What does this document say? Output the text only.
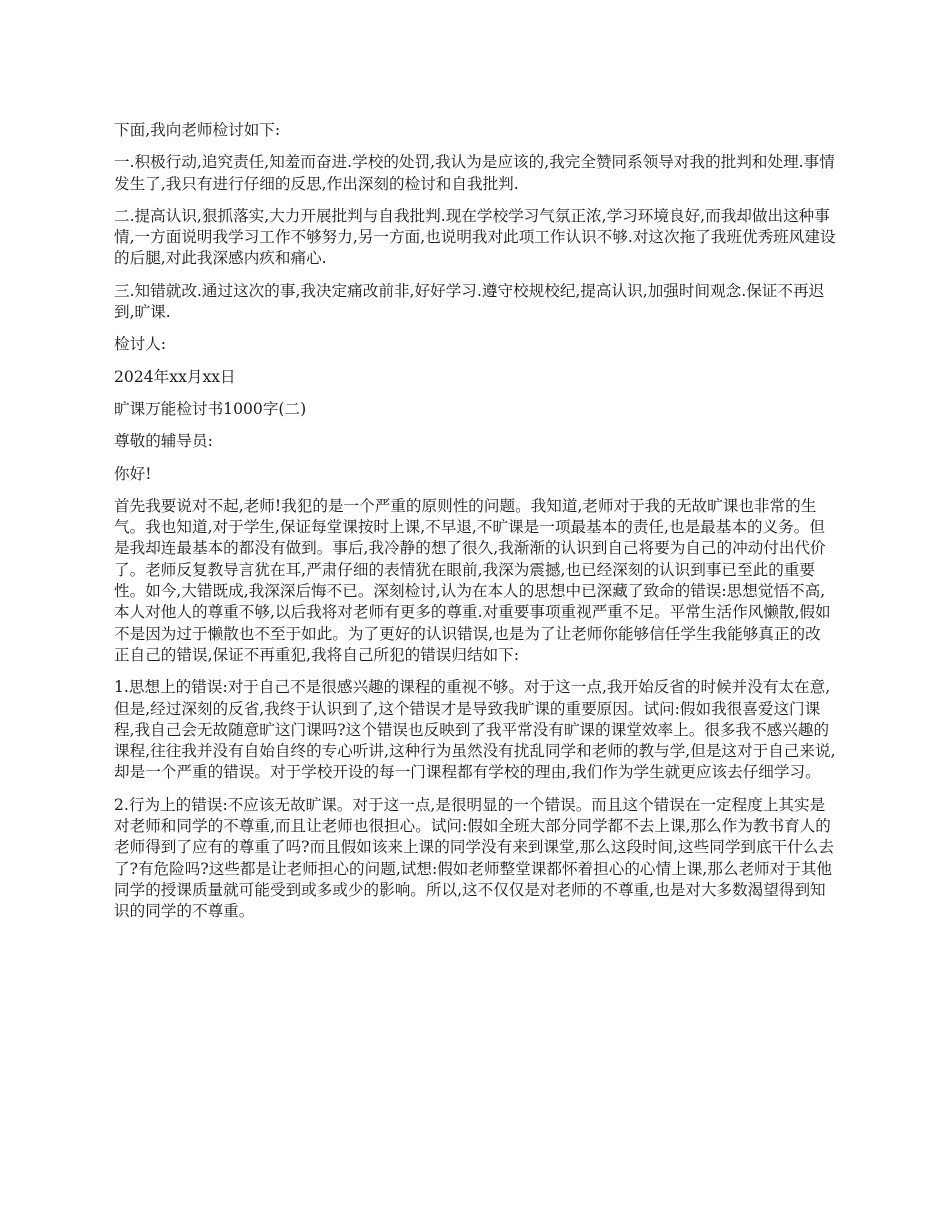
下面,我向老师检讨如下:

一.积极行动,追究责任,知羞而奋进.学校的处罚,我认为是应该的,我完全赞同系领导对我的批判和处理.事情发生了,我只有进行仔细的反思,作出深刻的检讨和自我批判.

二.提高认识,狠抓落实,大力开展批判与自我批判.现在学校学习气氛正浓,学习环境良好,而我却做出这种事情,一方面说明我学习工作不够努力,另一方面,也说明我对此项工作认识不够.对这次拖了我班优秀班风建设的后腿,对此我深感内疚和痛心.

三.知错就改.通过这次的事,我决定痛改前非,好好学习.遵守校规校纪,提高认识,加强时间观念.保证不再迟到,旷课.

检讨人:

2024年xx月xx日

旷课万能检讨书1000字(二)

尊敬的辅导员:

你好!

首先我要说对不起,老师!我犯的是一个严重的原则性的问题。我知道,老师对于我的无故旷课也非常的生气。我也知道,对于学生,保证每堂课按时上课,不早退,不旷课是一项最基本的责任,也是最基本的义务。但是我却连最基本的都没有做到。事后,我冷静的想了很久,我渐渐的认识到自己将要为自己的冲动付出代价了。老师反复教导言犹在耳,严肃仔细的表情犹在眼前,我深为震撼,也已经深刻的认识到事已至此的重要性。如今,大错既成,我深深后悔不已。深刻检讨,认为在本人的思想中已深藏了致命的错误:思想觉悟不高,本人对他人的尊重不够,以后我将对老师有更多的尊重.对重要事项重视严重不足。平常生活作风懒散,假如不是因为过于懒散也不至于如此。为了更好的认识错误,也是为了让老师你能够信任学生我能够真正的改正自己的错误,保证不再重犯,我将自己所犯的错误归结如下:

1.思想上的错误:对于自己不是很感兴趣的课程的重视不够。对于这一点,我开始反省的时候并没有太在意,但是,经过深刻的反省,我终于认识到了,这个错误才是导致我旷课的重要原因。试问:假如我很喜爱这门课程,我自己会无故随意旷这门课吗?这个错误也反映到了我平常没有旷课的课堂效率上。很多我不感兴趣的课程,往往我并没有自始自终的专心听讲,这种行为虽然没有扰乱同学和老师的教与学,但是这对于自己来说,却是一个严重的错误。对于学校开设的每一门课程都有学校的理由,我们作为学生就更应该去仔细学习。

2.行为上的错误:不应该无故旷课。对于这一点,是很明显的一个错误。而且这个错误在一定程度上其实是对老师和同学的不尊重,而且让老师也很担心。试问:假如全班大部分同学都不去上课,那么作为教书育人的老师得到了应有的尊重了吗?而且假如该来上课的同学没有来到课堂,那么这段时间,这些同学到底干什么去了?有危险吗?这些都是让老师担心的问题,试想:假如老师整堂课都怀着担心的心情上课,那么老师对于其他同学的授课质量就可能受到或多或少的影响。所以,这不仅仅是对老师的不尊重,也是对大多数渴望得到知识的同学的不尊重。
